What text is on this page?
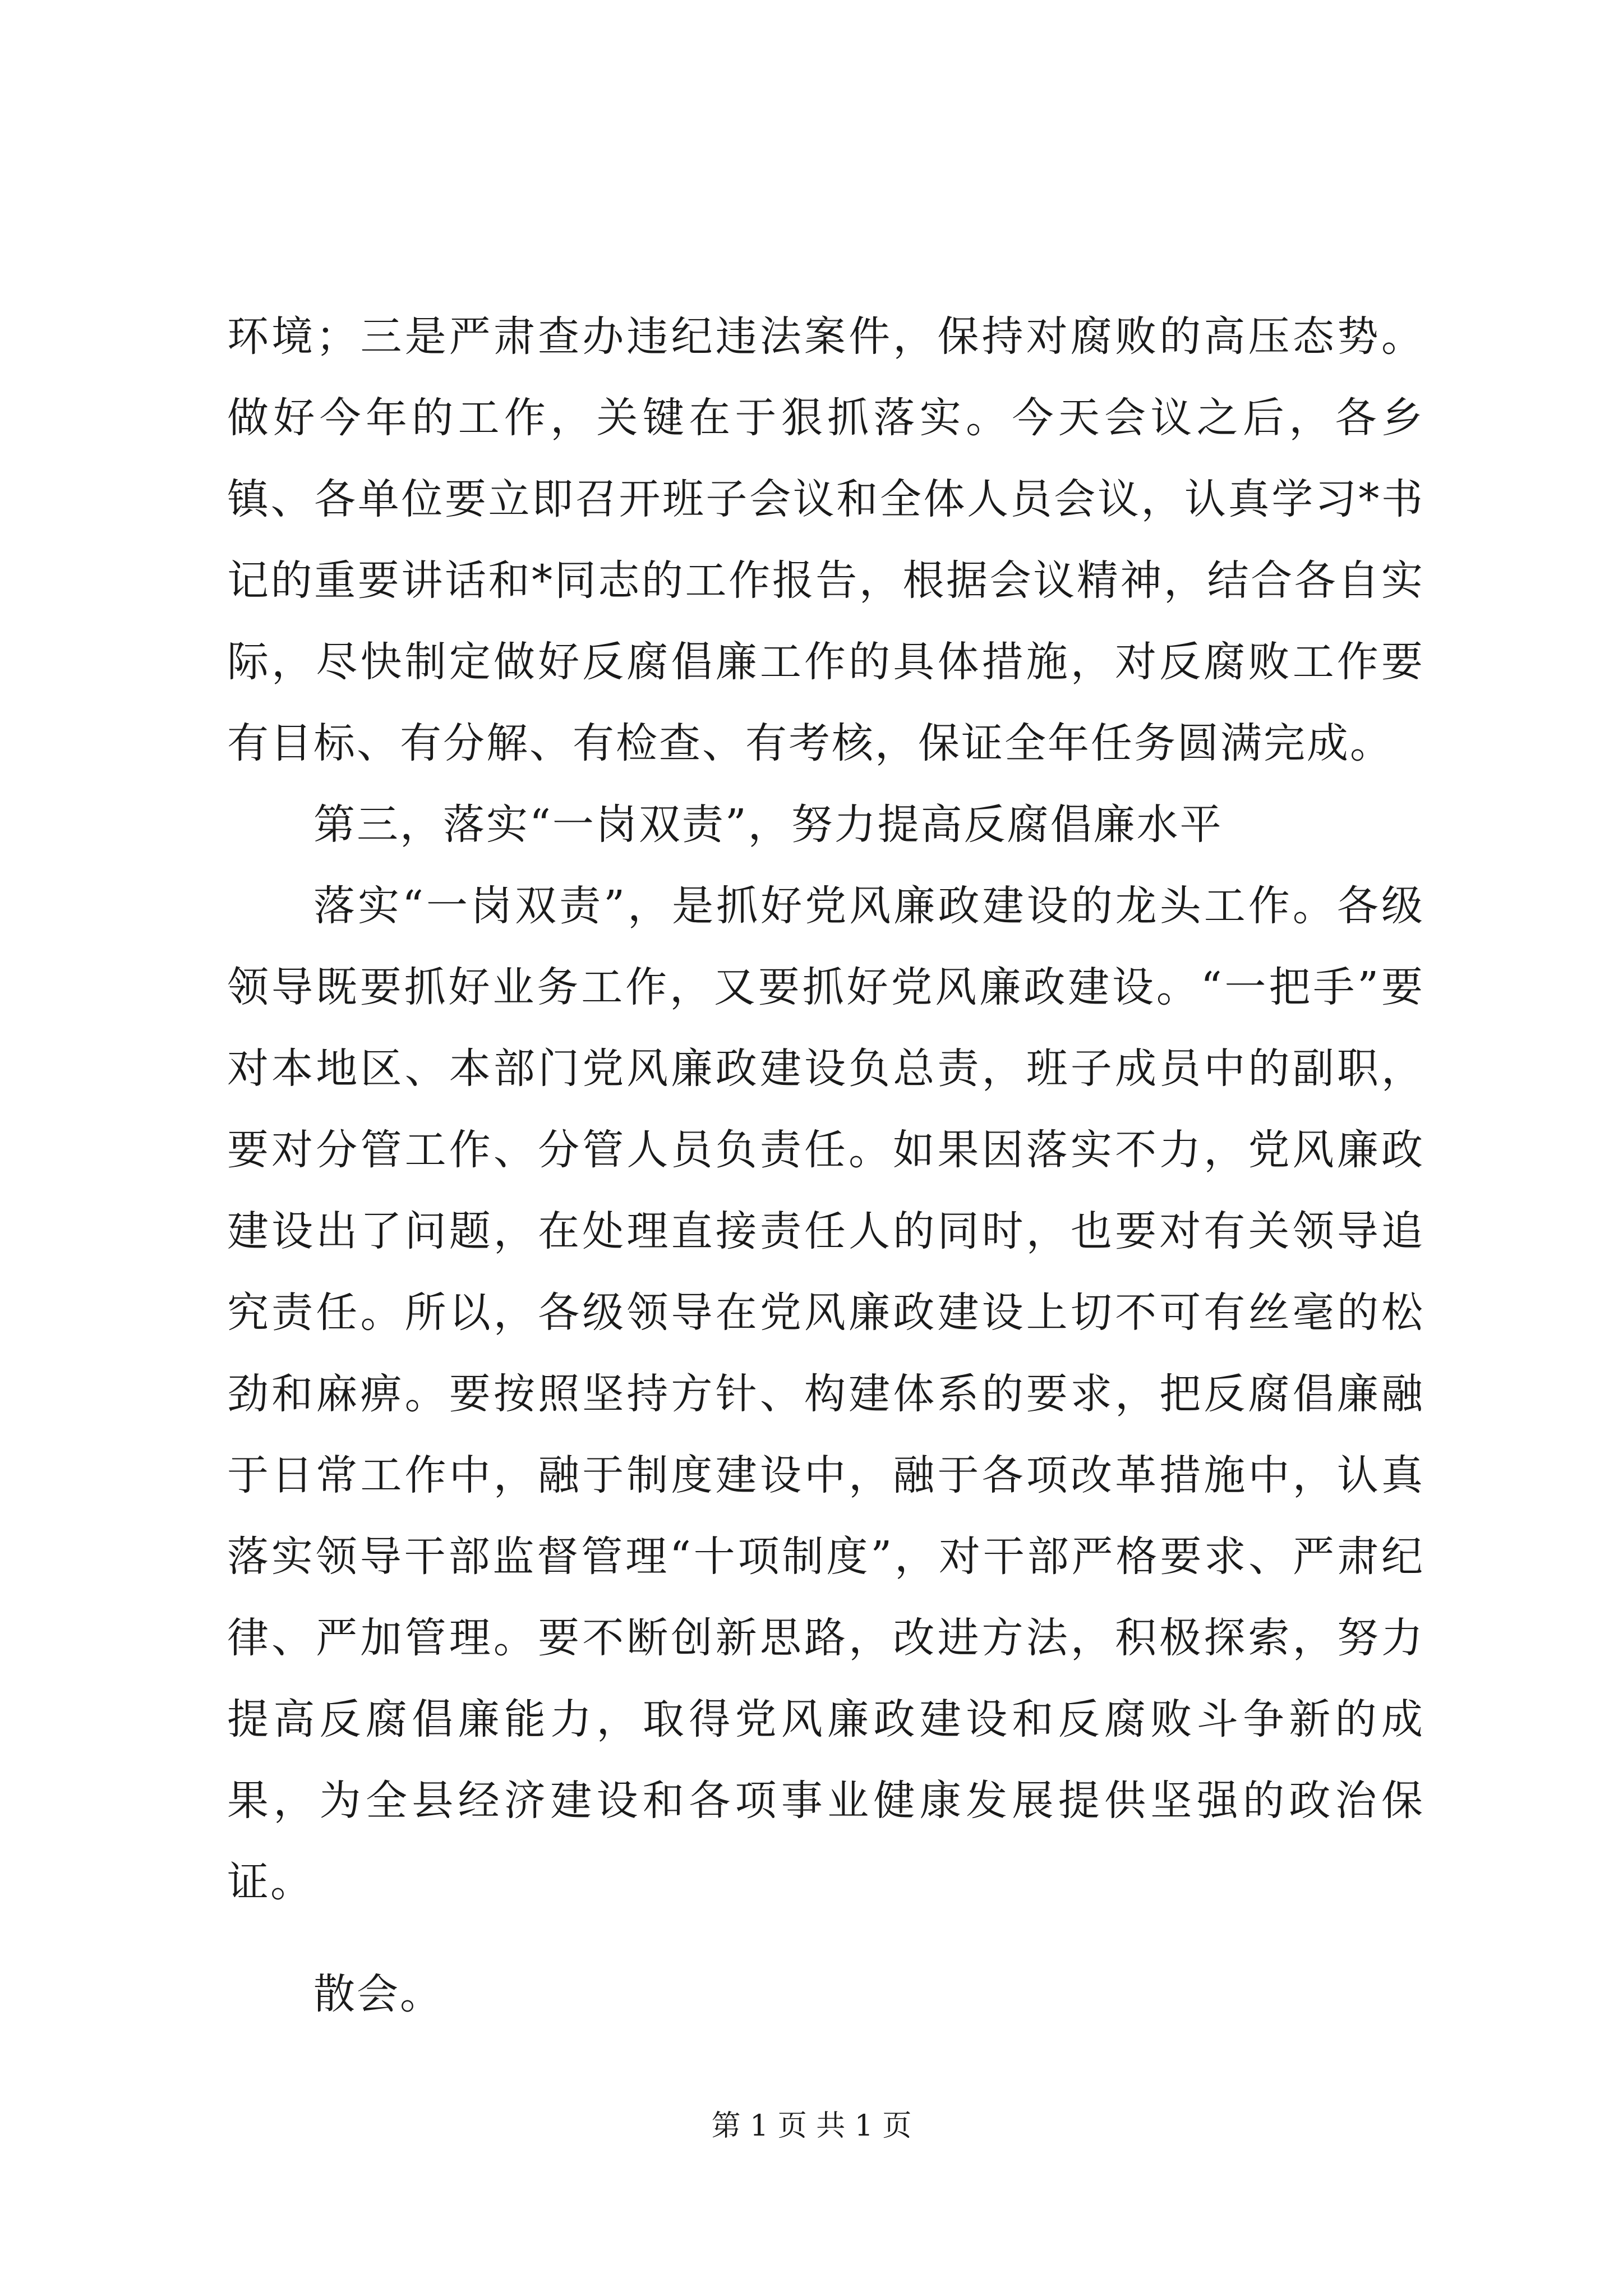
环境；三是严肃查办违纪违法案件，保持对腐败的高压态势。做好今年的工作，关键在于狠抓落实。今天会议之后，各乡镇、各单位要立即召开班子会议和全体人员会议，认真学习*书记的重要讲话和*同志的工作报告，根据会议精神，结合各自实际，尽快制定做好反腐倡廉工作的具体措施，对反腐败工作要有目标、有分解、有检查、有考核，保证全年任务圆满完成。

第三，落实“一岗双责”，努力提高反腐倡廉水平

落实“一岗双责”，是抓好党风廉政建设的龙头工作。各级领导既要抓好业务工作，又要抓好党风廉政建设。“一把手”要对本地区、本部门党风廉政建设负总责，班子成员中的副职，要对分管工作、分管人员负责任。如果因落实不力，党风廉政建设出了问题，在处理直接责任人的同时，也要对有关领导追究责任。所以，各级领导在党风廉政建设上切不可有丝毫的松劲和麻痹。要按照坚持方针、构建体系的要求，把反腐倡廉融于日常工作中，融于制度建设中，融于各项改革措施中，认真落实领导干部监督管理“十项制度”，对干部严格要求、严肃纪律、严加管理。要不断创新思路，改进方法，积极探索，努力提高反腐倡廉能力，取得党风廉政建设和反腐败斗争新的成果，为全县经济建设和各项事业健康发展提供坚强的政治保证。

散会。

第 1 页 共 1 页
